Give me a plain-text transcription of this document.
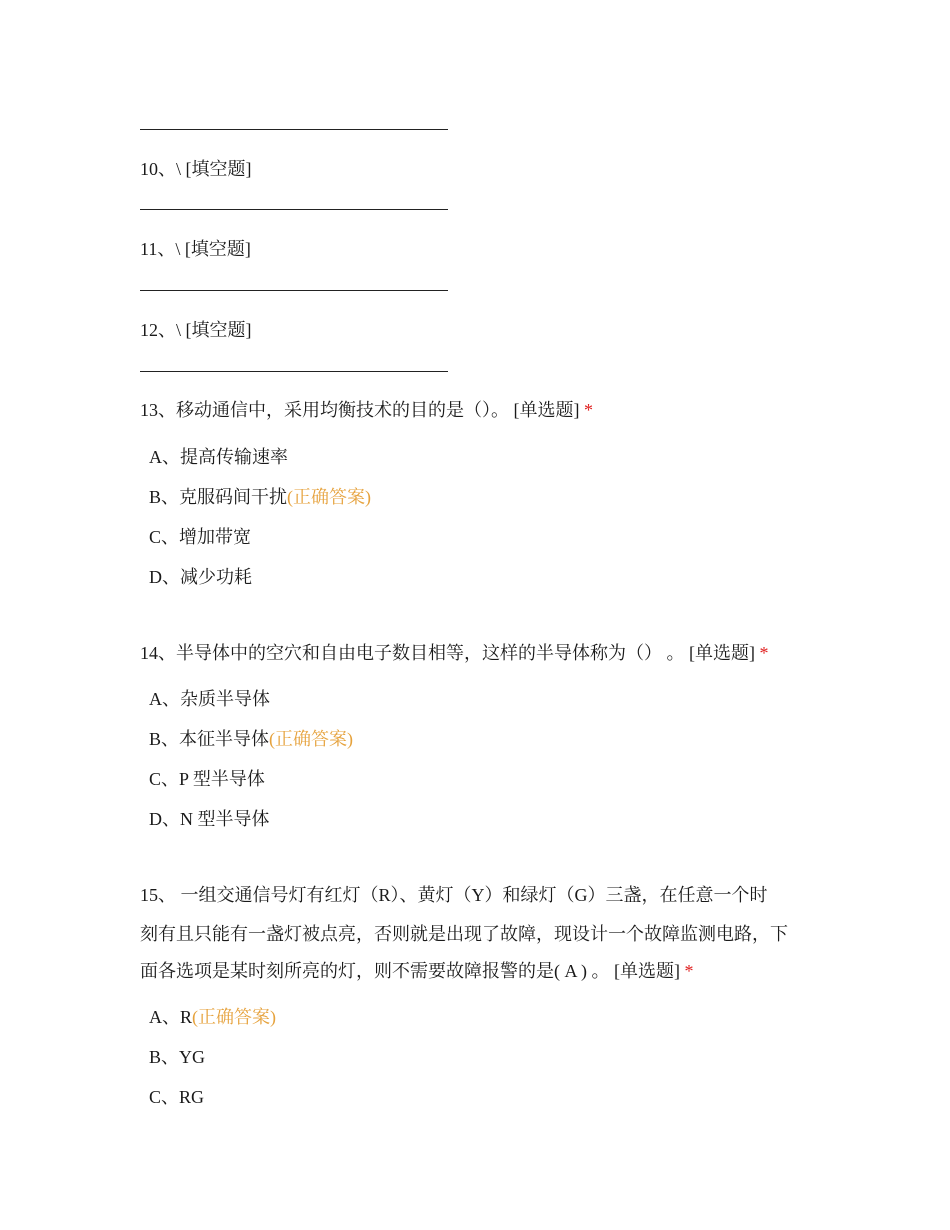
10、\ [填空题]
11、\ [填空题]
12、\ [填空题]
13、移动通信中，采用均衡技术的目的是（）。 [单选题] *
A、提高传输速率
B、克服码间干扰(正确答案)
C、增加带宽
D、减少功耗
14、半导体中的空穴和自由电子数目相等，这样的半导体称为（） 。 [单选题] *
A、杂质半导体
B、本征半导体(正确答案)
C、P 型半导体
D、N 型半导体
15、 一组交通信号灯有红灯（R）、黄灯（Y）和绿灯（G）三盏，在任意一个时
刻有且只能有一盏灯被点亮，否则就是出现了故障，现设计一个故障监测电路，下
面各选项是某时刻所亮的灯，则不需要故障报警的是( A ) 。 [单选题] *
A、R(正确答案)
B、YG
C、RG
